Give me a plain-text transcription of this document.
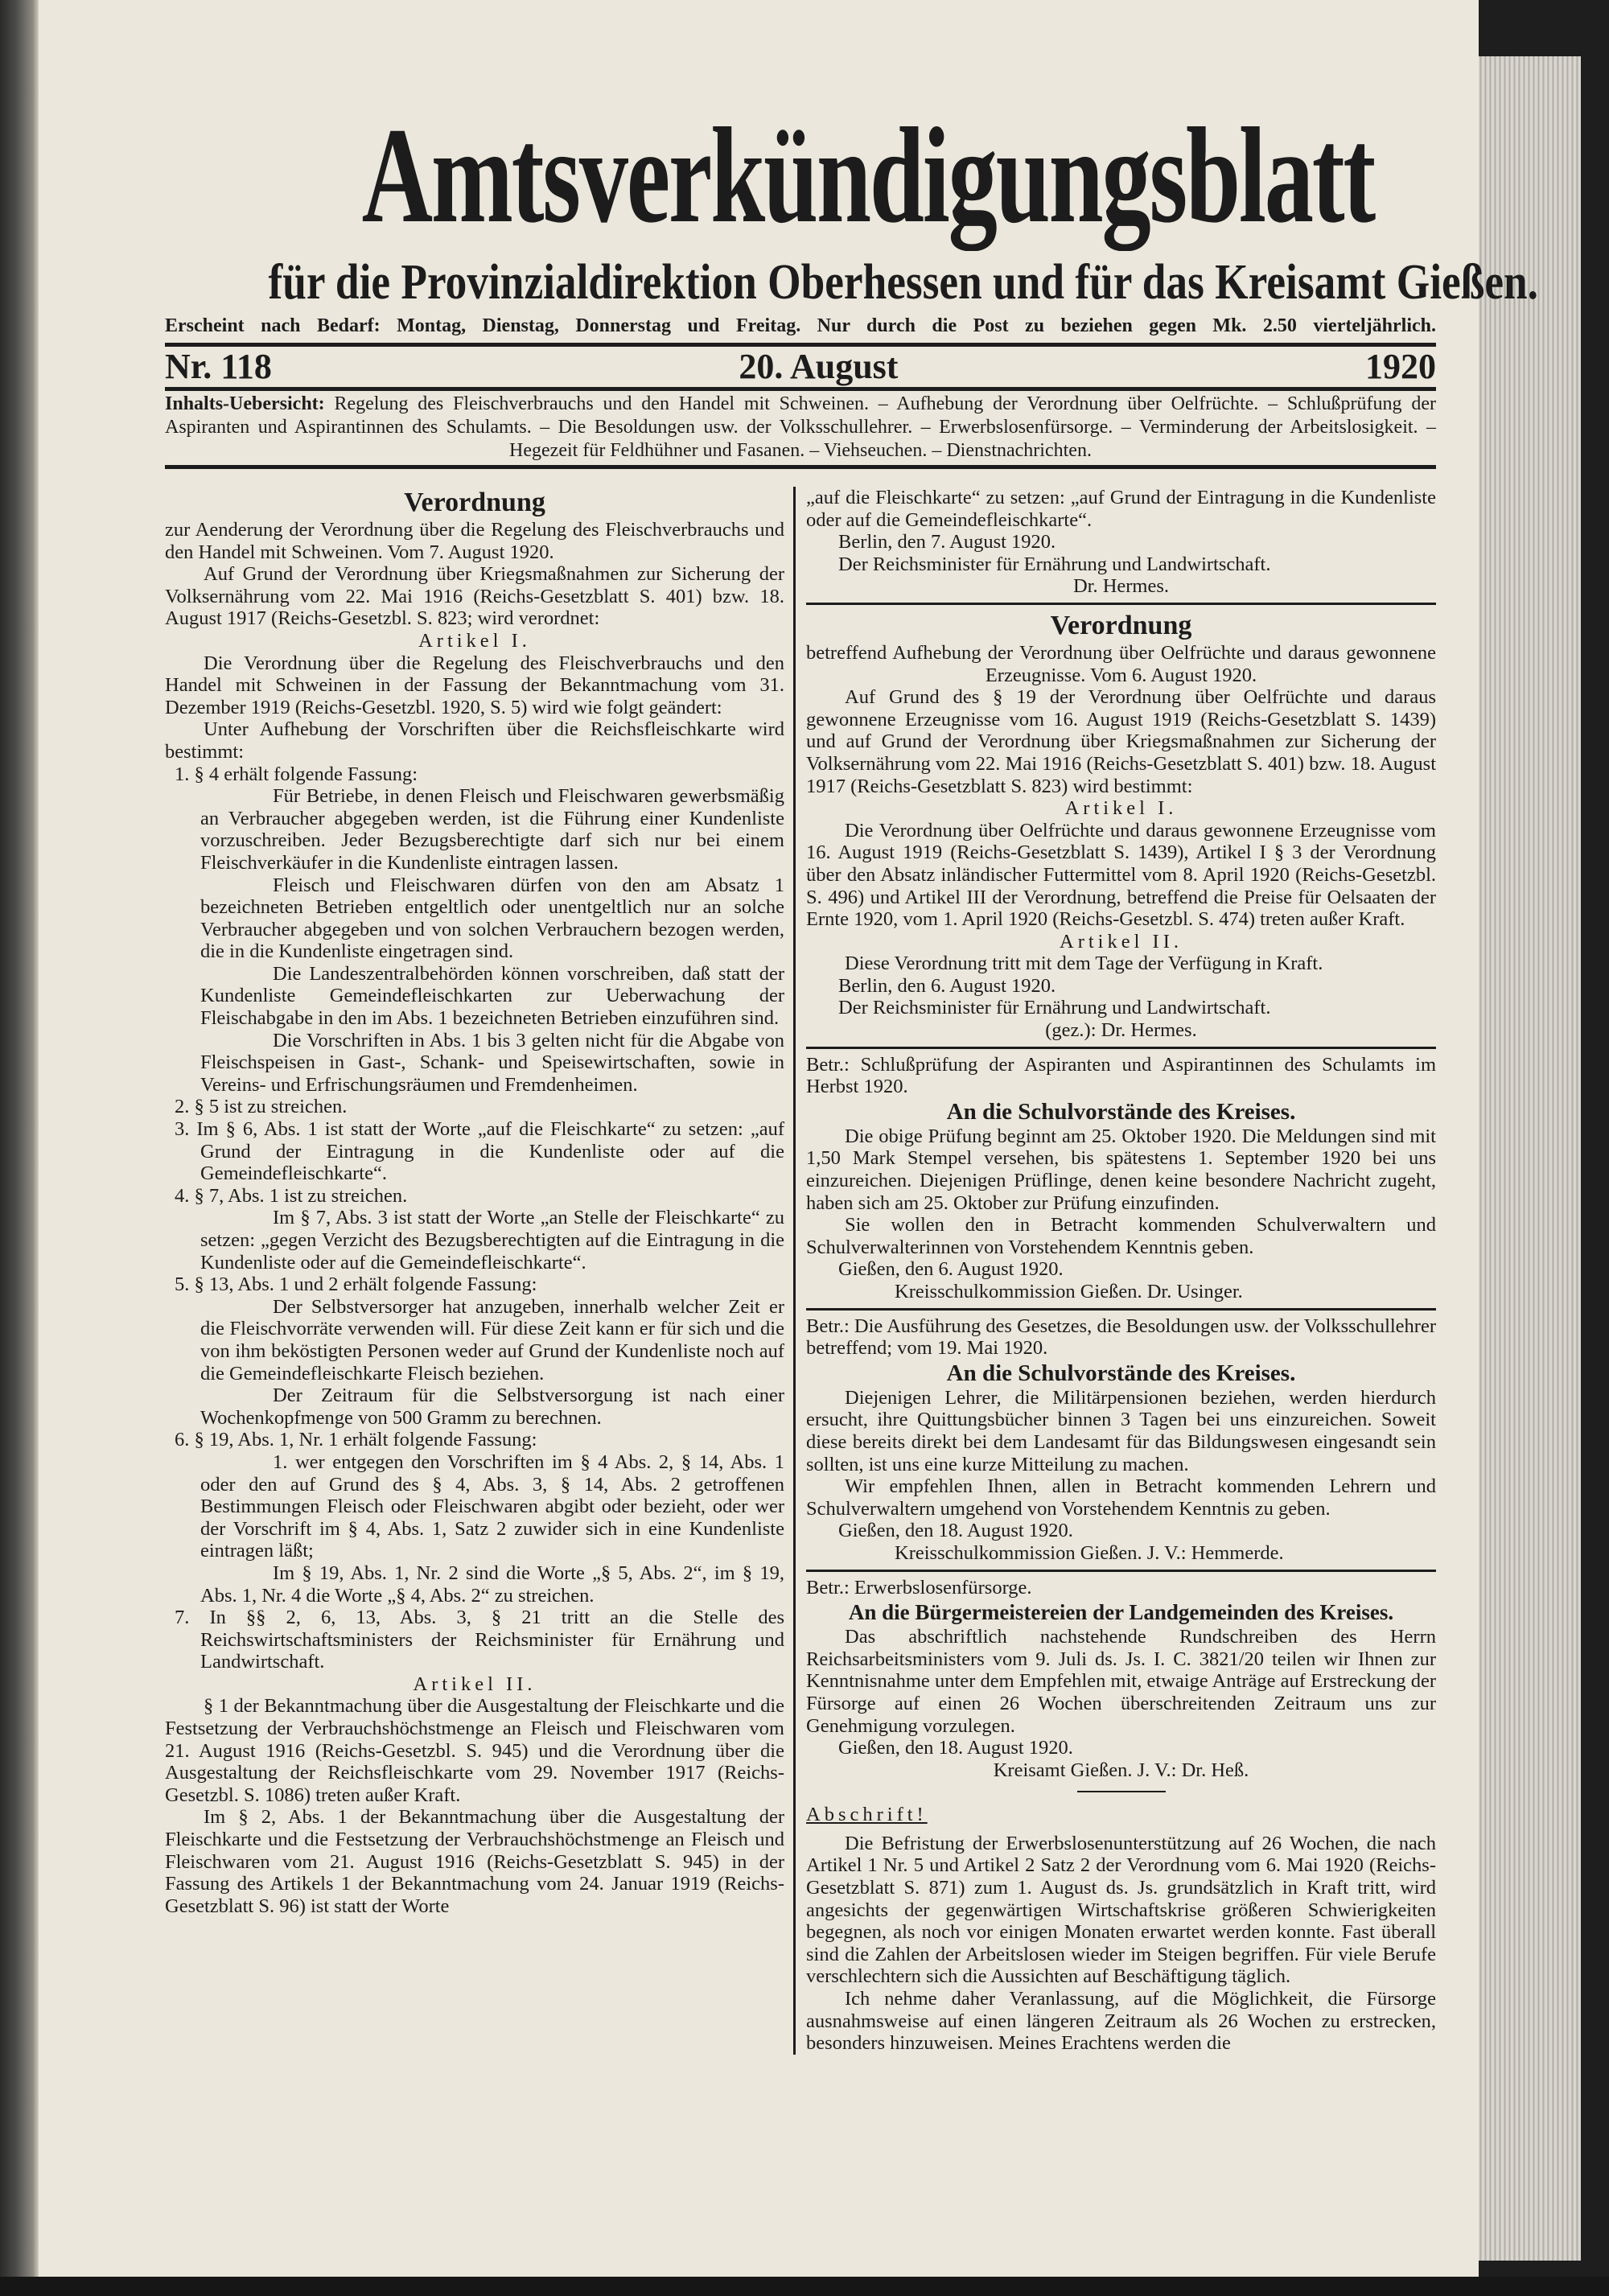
Amtsverkündigungsblatt
für die Provinzialdirektion Oberhessen und für das Kreisamt Gießen.
Erscheint nach Bedarf: Montag, Dienstag, Donnerstag und Freitag. Nur durch die Post zu beziehen gegen Mk. 2.50 vierteljährlich.
Nr. 118	20. August	1920
Inhalts-Uebersicht: Regelung des Fleischverbrauchs und den Handel mit Schweinen. – Aufhebung der Verordnung über Oelfrüchte. – Schlußprüfung der Aspiranten und Aspirantinnen des Schulamts. – Die Besoldungen usw. der Volksschullehrer. – Erwerbslosenfürsorge. – Verminderung der Arbeitslosigkeit. – Hegezeit für Feldhühner und Fasanen. – Viehseuchen. – Dienstnachrichten.

Verordnung

zur Aenderung der Verordnung über die Regelung des Fleischverbrauchs und den Handel mit Schweinen. Vom 7. August 1920.

Auf Grund der Verordnung über Kriegsmaßnahmen zur Sicherung der Volksernährung vom 22. Mai 1916 (Reichs-Gesetzblatt S. 401) bzw. 18. August 1917 (Reichs-Gesetzbl. S. 823; wird verordnet:

Artikel I.

Die Verordnung über die Regelung des Fleischverbrauchs und den Handel mit Schweinen in der Fassung der Bekanntmachung vom 31. Dezember 1919 (Reichs-Gesetzbl. 1920, S. 5) wird wie folgt geändert:

Unter Aufhebung der Vorschriften über die Reichsfleischkarte wird bestimmt:

1. § 4 erhält folgende Fassung:

Für Betriebe, in denen Fleisch und Fleischwaren gewerbsmäßig an Verbraucher abgegeben werden, ist die Führung einer Kundenliste vorzuschreiben. Jeder Bezugsberechtigte darf sich nur bei einem Fleischverkäufer in die Kundenliste eintragen lassen.

Fleisch und Fleischwaren dürfen von den am Absatz 1 bezeichneten Betrieben entgeltlich oder unentgeltlich nur an solche Verbraucher abgegeben und von solchen Verbrauchern bezogen werden, die in die Kundenliste eingetragen sind.

Die Landeszentralbehörden können vorschreiben, daß statt der Kundenliste Gemeindefleischkarten zur Ueberwachung der Fleischabgabe in den im Abs. 1 bezeichneten Betrieben einzuführen sind.

Die Vorschriften in Abs. 1 bis 3 gelten nicht für die Abgabe von Fleischspeisen in Gast-, Schank- und Speisewirtschaften, sowie in Vereins- und Erfrischungsräumen und Fremdenheimen.

2. § 5 ist zu streichen.

3. Im § 6, Abs. 1 ist statt der Worte „auf die Fleischkarte“ zu setzen: „auf Grund der Eintragung in die Kundenliste oder auf die Gemeindefleischkarte“.

4. § 7, Abs. 1 ist zu streichen.

Im § 7, Abs. 3 ist statt der Worte „an Stelle der Fleischkarte“ zu setzen: „gegen Verzicht des Bezugsberechtigten auf die Eintragung in die Kundenliste oder auf die Gemeindefleischkarte“.

5. § 13, Abs. 1 und 2 erhält folgende Fassung:

Der Selbstversorger hat anzugeben, innerhalb welcher Zeit er die Fleischvorräte verwenden will. Für diese Zeit kann er für sich und die von ihm beköstigten Personen weder auf Grund der Kundenliste noch auf die Gemeindefleischkarte Fleisch beziehen.

Der Zeitraum für die Selbstversorgung ist nach einer Wochenkopfmenge von 500 Gramm zu berechnen.

6. § 19, Abs. 1, Nr. 1 erhält folgende Fassung:

1. wer entgegen den Vorschriften im § 4 Abs. 2, § 14, Abs. 1 oder den auf Grund des § 4, Abs. 3, § 14, Abs. 2 getroffenen Bestimmungen Fleisch oder Fleischwaren abgibt oder bezieht, oder wer der Vorschrift im § 4, Abs. 1, Satz 2 zuwider sich in eine Kundenliste eintragen läßt;

Im § 19, Abs. 1, Nr. 2 sind die Worte „§ 5, Abs. 2“, im § 19, Abs. 1, Nr. 4 die Worte „§ 4, Abs. 2“ zu streichen.

7. In §§ 2, 6, 13, Abs. 3, § 21 tritt an die Stelle des Reichswirtschaftsministers der Reichsminister für Ernährung und Landwirtschaft.

Artikel II.

§ 1 der Bekanntmachung über die Ausgestaltung der Fleischkarte und die Festsetzung der Verbrauchshöchstmenge an Fleisch und Fleischwaren vom 21. August 1916 (Reichs-Gesetzbl. S. 945) und die Verordnung über die Ausgestaltung der Reichsfleischkarte vom 29. November 1917 (Reichs-Gesetzbl. S. 1086) treten außer Kraft.

Im § 2, Abs. 1 der Bekanntmachung über die Ausgestaltung der Fleischkarte und die Festsetzung der Verbrauchshöchstmenge an Fleisch und Fleischwaren vom 21. August 1916 (Reichs-Gesetzblatt S. 945) in der Fassung des Artikels 1 der Bekanntmachung vom 24. Januar 1919 (Reichs-Gesetzblatt S. 96) ist statt der Worte

„auf die Fleischkarte“ zu setzen: „auf Grund der Eintragung in die Kundenliste oder auf die Gemeindefleischkarte“.

Berlin, den 7. August 1920.

Der Reichsminister für Ernährung und Landwirtschaft.

Dr. Hermes.

Verordnung

betreffend Aufhebung der Verordnung über Oelfrüchte und daraus gewonnene Erzeugnisse. Vom 6. August 1920.

Auf Grund des § 19 der Verordnung über Oelfrüchte und daraus gewonnene Erzeugnisse vom 16. August 1919 (Reichs-Gesetzblatt S. 1439) und auf Grund der Verordnung über Kriegsmaßnahmen zur Sicherung der Volksernährung vom 22. Mai 1916 (Reichs-Gesetzblatt S. 401) bzw. 18. August 1917 (Reichs-Gesetzblatt S. 823) wird bestimmt:

Artikel I.

Die Verordnung über Oelfrüchte und daraus gewonnene Erzeugnisse vom 16. August 1919 (Reichs-Gesetzblatt S. 1439), Artikel I § 3 der Verordnung über den Absatz inländischer Futtermittel vom 8. April 1920 (Reichs-Gesetzbl. S. 496) und Artikel III der Verordnung, betreffend die Preise für Oelsaaten der Ernte 1920, vom 1. April 1920 (Reichs-Gesetzbl. S. 474) treten außer Kraft.

Artikel II.

Diese Verordnung tritt mit dem Tage der Verfügung in Kraft.

Berlin, den 6. August 1920.

Der Reichsminister für Ernährung und Landwirtschaft.

(gez.): Dr. Hermes.

Betr.: Schlußprüfung der Aspiranten und Aspirantinnen des Schulamts im Herbst 1920.

An die Schulvorstände des Kreises.

Die obige Prüfung beginnt am 25. Oktober 1920. Die Meldungen sind mit 1,50 Mark Stempel versehen, bis spätestens 1. September 1920 bei uns einzureichen. Diejenigen Prüflinge, denen keine besondere Nachricht zugeht, haben sich am 25. Oktober zur Prüfung einzufinden.

Sie wollen den in Betracht kommenden Schulverwaltern und Schulverwalterinnen von Vorstehendem Kenntnis geben.

Gießen, den 6. August 1920.

Kreisschulkommission Gießen. Dr. Usinger.

Betr.: Die Ausführung des Gesetzes, die Besoldungen usw. der Volksschullehrer betreffend; vom 19. Mai 1920.

An die Schulvorstände des Kreises.

Diejenigen Lehrer, die Militärpensionen beziehen, werden hierdurch ersucht, ihre Quittungsbücher binnen 3 Tagen bei uns einzureichen. Soweit diese bereits direkt bei dem Landesamt für das Bildungswesen eingesandt sein sollten, ist uns eine kurze Mitteilung zu machen.

Wir empfehlen Ihnen, allen in Betracht kommenden Lehrern und Schulverwaltern umgehend von Vorstehendem Kenntnis zu geben.

Gießen, den 18. August 1920.

Kreisschulkommission Gießen. J. V.: Hemmerde.

Betr.: Erwerbslosenfürsorge.

An die Bürgermeistereien der Landgemeinden des Kreises.

Das abschriftlich nachstehende Rundschreiben des Herrn Reichsarbeitsministers vom 9. Juli ds. Js. I. C. 3821/20 teilen wir Ihnen zur Kenntnisnahme unter dem Empfehlen mit, etwaige Anträge auf Erstreckung der Fürsorge auf einen 26 Wochen überschreitenden Zeitraum uns zur Genehmigung vorzulegen.

Gießen, den 18. August 1920.

Kreisamt Gießen. J. V.: Dr. Heß.

Abschrift!

Die Befristung der Erwerbslosenunterstützung auf 26 Wochen, die nach Artikel 1 Nr. 5 und Artikel 2 Satz 2 der Verordnung vom 6. Mai 1920 (Reichs-Gesetzblatt S. 871) zum 1. August ds. Js. grundsätzlich in Kraft tritt, wird angesichts der gegenwärtigen Wirtschaftskrise größeren Schwierigkeiten begegnen, als noch vor einigen Monaten erwartet werden konnte. Fast überall sind die Zahlen der Arbeitslosen wieder im Steigen begriffen. Für viele Berufe verschlechtern sich die Aussichten auf Beschäftigung täglich.

Ich nehme daher Veranlassung, auf die Möglichkeit, die Fürsorge ausnahmsweise auf einen längeren Zeitraum als 26 Wochen zu erstrecken, besonders hinzuweisen. Meines Erachtens werden die
